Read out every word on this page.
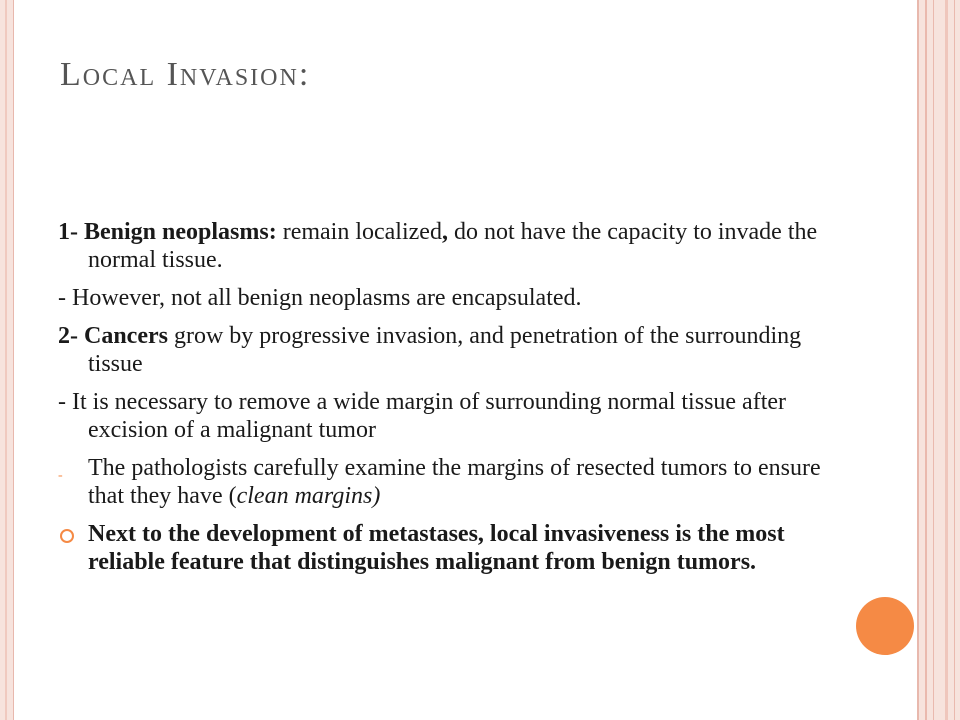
Local Invasion:

1- Benign neoplasms: remain localized, do not have the capacity to invade the normal tissue.

- However, not all benign neoplasms are encapsulated.

2- Cancers grow by progressive invasion, and penetration of the surrounding tissue

- It is necessary to remove a wide margin of surrounding normal tissue after excision of a malignant tumor

- The pathologists carefully examine the margins of resected tumors to ensure that they have (clean margins)

Next to the development of metastases, local invasiveness is the most reliable feature that distinguishes malignant from benign tumors.
